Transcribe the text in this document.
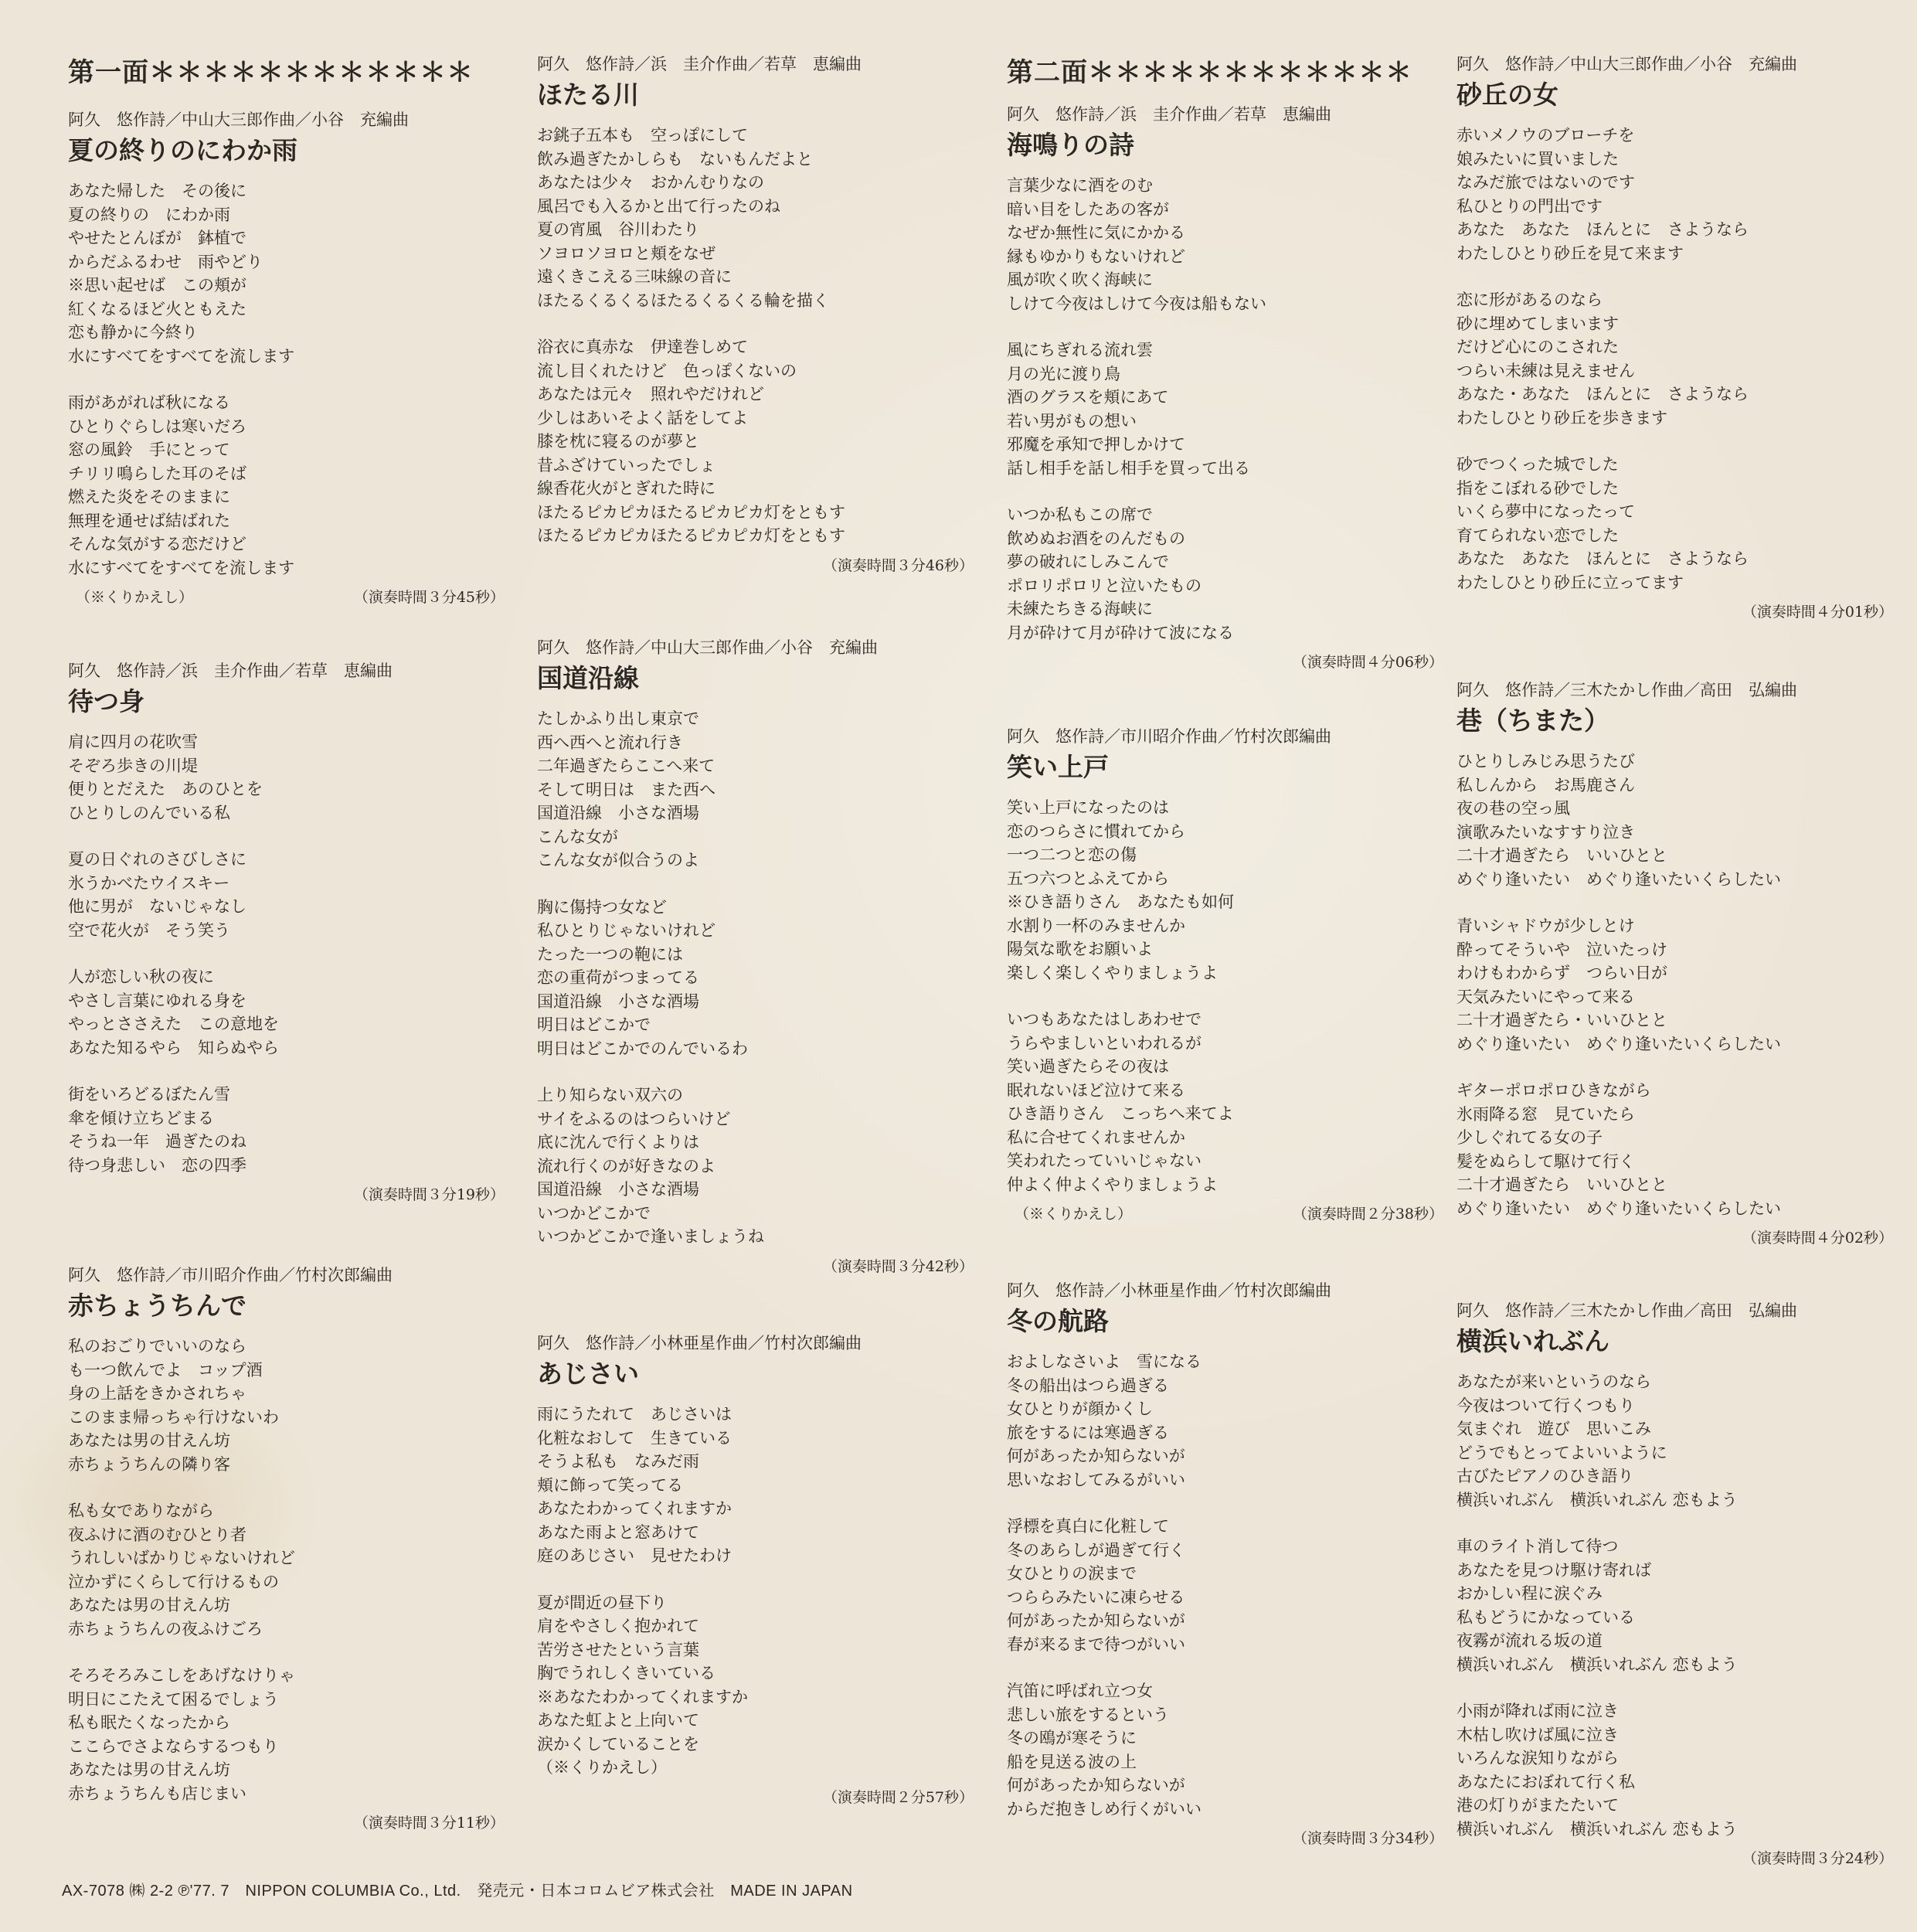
第一面＊＊＊＊＊＊＊＊＊＊＊＊
阿久　悠作詩／中山大三郎作曲／小谷　充編曲
夏の終りのにわか雨
あなた帰した　その後に
夏の終りの　にわか雨
やせたとんぼが　鉢植で
からだふるわせ　雨やどり
※思い起せば　この頬が
紅くなるほど火ともえた
恋も静かに今終り
水にすべてをすべてを流します
雨があがれば秋になる
ひとりぐらしは寒いだろ
窓の風鈴　手にとって
チリリ鳴らした耳のそば
燃えた炎をそのままに
無理を通せば結ばれた
そんな気がする恋だけど
水にすべてをすべてを流します
（※くりかえし）	（演奏時間３分45秒）
阿久　悠作詩／浜　圭介作曲／若草　恵編曲
待つ身
肩に四月の花吹雪
そぞろ歩きの川堤
便りとだえた　あのひとを
ひとりしのんでいる私
夏の日ぐれのさびしさに
氷うかべたウイスキー
他に男が　ないじゃなし
空で花火が　そう笑う
人が恋しい秋の夜に
やさし言葉にゆれる身を
やっとささえた　この意地を
あなた知るやら　知らぬやら
街をいろどるぼたん雪
傘を傾け立ちどまる
そうね一年　過ぎたのね
待つ身悲しい　恋の四季
（演奏時間３分19秒）
阿久　悠作詩／市川昭介作曲／竹村次郎編曲
赤ちょうちんで
私のおごりでいいのなら
も一つ飲んでよ　コップ酒
身の上話をきかされちゃ
このまま帰っちゃ行けないわ
あなたは男の甘えん坊
赤ちょうちんの隣り客
私も女でありながら
夜ふけに酒のむひとり者
うれしいばかりじゃないけれど
泣かずにくらして行けるもの
あなたは男の甘えん坊
赤ちょうちんの夜ふけごろ
そろそろみこしをあげなけりゃ
明日にこたえて困るでしょう
私も眠たくなったから
ここらでさよならするつもり
あなたは男の甘えん坊
赤ちょうちんも店じまい
（演奏時間３分11秒）
阿久　悠作詩／浜　圭介作曲／若草　恵編曲
ほたる川
お銚子五本も　空っぽにして
飲み過ぎたかしらも　ないもんだよと
あなたは少々　おかんむりなの
風呂でも入るかと出て行ったのね
夏の宵風　谷川わたり
ソヨロソヨロと頬をなぜ
遠くきこえる三味線の音に
ほたるくるくるほたるくるくる輪を描く
浴衣に真赤な　伊達巻しめて
流し目くれたけど　色っぽくないの
あなたは元々　照れやだけれど
少しはあいそよく話をしてよ
膝を枕に寝るのが夢と
昔ふざけていったでしょ
線香花火がとぎれた時に
ほたるピカピカほたるピカピカ灯をともす
ほたるピカピカほたるピカピカ灯をともす
（演奏時間３分46秒）
阿久　悠作詩／中山大三郎作曲／小谷　充編曲
国道沿線
たしかふり出し東京で
西へ西へと流れ行き
二年過ぎたらここへ来て
そして明日は　また西へ
国道沿線　小さな酒場
こんな女が
こんな女が似合うのよ
胸に傷持つ女など
私ひとりじゃないけれど
たった一つの鞄には
恋の重荷がつまってる
国道沿線　小さな酒場
明日はどこかで
明日はどこかでのんでいるわ
上り知らない双六の
サイをふるのはつらいけど
底に沈んで行くよりは
流れ行くのが好きなのよ
国道沿線　小さな酒場
いつかどこかで
いつかどこかで逢いましょうね
（演奏時間３分42秒）
阿久　悠作詩／小林亜星作曲／竹村次郎編曲
あじさい
雨にうたれて　あじさいは
化粧なおして　生きている
そうよ私も　なみだ雨
頬に飾って笑ってる
あなたわかってくれますか
あなた雨よと窓あけて
庭のあじさい　見せたわけ
夏が間近の昼下り
肩をやさしく抱かれて
苦労させたという言葉
胸でうれしくきいている
※あなたわかってくれますか
あなた虹よと上向いて
涙かくしていることを
（※くりかえし）
（演奏時間２分57秒）
第二面＊＊＊＊＊＊＊＊＊＊＊＊
阿久　悠作詩／浜　圭介作曲／若草　恵編曲
海鳴りの詩
言葉少なに酒をのむ
暗い目をしたあの客が
なぜか無性に気にかかる
縁もゆかりもないけれど
風が吹く吹く海峡に
しけて今夜はしけて今夜は船もない
風にちぎれる流れ雲
月の光に渡り鳥
酒のグラスを頬にあて
若い男がもの想い
邪魔を承知で押しかけて
話し相手を話し相手を買って出る
いつか私もこの席で
飲めぬお酒をのんだもの
夢の破れにしみこんで
ポロリポロリと泣いたもの
未練たちきる海峡に
月が砕けて月が砕けて波になる
（演奏時間４分06秒）
阿久　悠作詩／市川昭介作曲／竹村次郎編曲
笑い上戸
笑い上戸になったのは
恋のつらさに慣れてから
一つ二つと恋の傷
五つ六つとふえてから
※ひき語りさん　あなたも如何
水割り一杯のみませんか
陽気な歌をお願いよ
楽しく楽しくやりましょうよ
いつもあなたはしあわせで
うらやましいといわれるが
笑い過ぎたらその夜は
眠れないほど泣けて来る
ひき語りさん　こっちへ来てよ
私に合せてくれませんか
笑われたっていいじゃない
仲よく仲よくやりましょうよ
（※くりかえし）	（演奏時間２分38秒）
阿久　悠作詩／小林亜星作曲／竹村次郎編曲
冬の航路
およしなさいよ　雪になる
冬の船出はつら過ぎる
女ひとりが顔かくし
旅をするには寒過ぎる
何があったか知らないが
思いなおしてみるがいい
浮標を真白に化粧して
冬のあらしが過ぎて行く
女ひとりの涙まで
つららみたいに凍らせる
何があったか知らないが
春が来るまで待つがいい
汽笛に呼ばれ立つ女
悲しい旅をするという
冬の鴎が寒そうに
船を見送る波の上
何があったか知らないが
からだ抱きしめ行くがいい
（演奏時間３分34秒）
阿久　悠作詩／中山大三郎作曲／小谷　充編曲
砂丘の女
赤いメノウのブローチを
娘みたいに買いました
なみだ旅ではないのです
私ひとりの門出です
あなた　あなた　ほんとに　さようなら
わたしひとり砂丘を見て来ます
恋に形があるのなら
砂に埋めてしまいます
だけど心にのこされた
つらい未練は見えません
あなた・あなた　ほんとに　さようなら
わたしひとり砂丘を歩きます
砂でつくった城でした
指をこぼれる砂でした
いくら夢中になったって
育てられない恋でした
あなた　あなた　ほんとに　さようなら
わたしひとり砂丘に立ってます
（演奏時間４分01秒）
阿久　悠作詩／三木たかし作曲／高田　弘編曲
巷（ちまた）
ひとりしみじみ思うたび
私しんから　お馬鹿さん
夜の巷の空っ風
演歌みたいなすすり泣き
二十才過ぎたら　いいひとと
めぐり逢いたい　めぐり逢いたいくらしたい
青いシャドウが少しとけ
酔ってそういや　泣いたっけ
わけもわからず　つらい日が
天気みたいにやって来る
二十才過ぎたら・いいひとと
めぐり逢いたい　めぐり逢いたいくらしたい
ギターポロポロひきながら
氷雨降る窓　見ていたら
少しぐれてる女の子
髪をぬらして駆けて行く
二十才過ぎたら　いいひとと
めぐり逢いたい　めぐり逢いたいくらしたい
（演奏時間４分02秒）
阿久　悠作詩／三木たかし作曲／高田　弘編曲
横浜いれぶん
あなたが来いというのなら
今夜はついて行くつもり
気まぐれ　遊び　思いこみ
どうでもとってよいいように
古びたピアノのひき語り
横浜いれぶん　横浜いれぶん 恋もよう
車のライト消して待つ
あなたを見つけ駆け寄れば
おかしい程に涙ぐみ
私もどうにかなっている
夜霧が流れる坂の道
横浜いれぶん　横浜いれぶん 恋もよう
小雨が降れば雨に泣き
木枯し吹けば風に泣き
いろんな涙知りながら
あなたにおぼれて行く私
港の灯りがまたたいて
横浜いれぶん　横浜いれぶん 恋もよう
（演奏時間３分24秒）
AX-7078 ㈱ 2-2 ℗'77. 7　NIPPON COLUMBIA Co., Ltd.　発売元・日本コロムビア株式会社　MADE IN JAPAN
